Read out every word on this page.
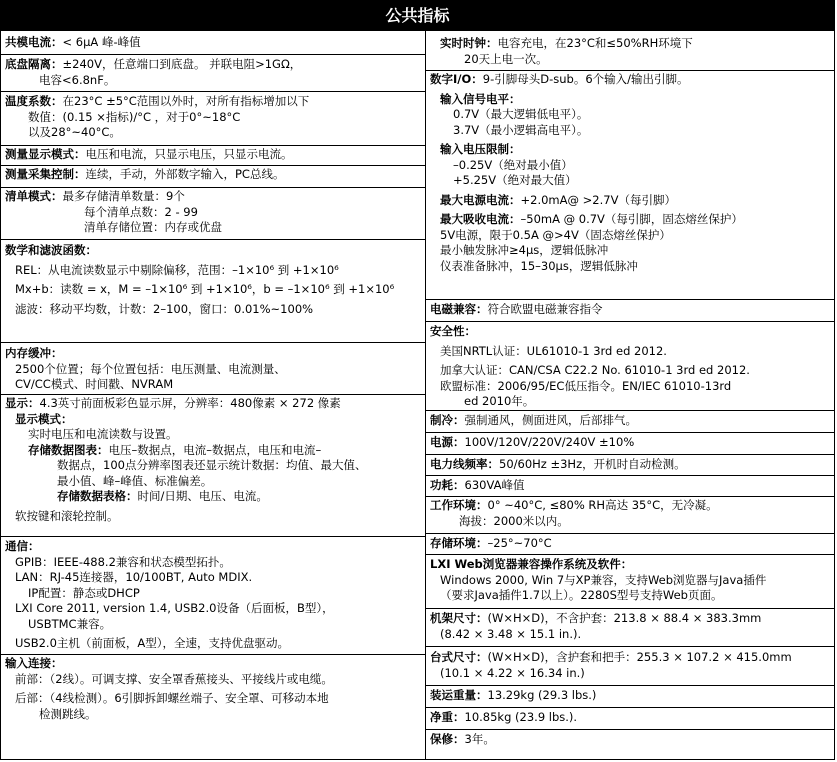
公共指标
共模电流：< 6μA 峰-峰值
底盘隔离：±240V，任意端口到底盘。 并联电阻>1GΩ，
电容<6.8nF。
温度系数：在23°C ±5°C范围以外时，对所有指标增加以下
数值：(0.15 ×指标)/°C ，对于0°~18°C
以及28°~40°C。
测量显示模式：电压和电流，只显示电压，只显示电流。
测量采集控制：连续，手动，外部数字输入，PC总线。
清单模式：最多存储清单数量：9个
每个清单点数：2 - 99
清单存储位置：内存或优盘
数学和滤波函数：
REL：从电流读数显示中剔除偏移，范围：–1×10⁶ 到 +1×10⁶
Mx+b：读数 = x，M = –1×10⁶ 到 +1×10⁶，b = –1×10⁶ 到 +1×10⁶
滤波：移动平均数，计数：2–100，窗口：0.01%~100%
内存缓冲：
2500个位置；每个位置包括：电压测量、电流测量、
CV/CC模式、时间戳、NVRAM
显示：4.3英寸前面板彩色显示屏，分辨率：480像素 × 272 像素
显示模式：
实时电压和电流读数与设置。
存储数据图表：电压–数据点，电流–数据点，电压和电流–
数据点，100点分辨率图表还显示统计数据：均值、最大值、
最小值、峰–峰值、标准偏差。
存储数据表格：时间/日期、电压、电流。
软按键和滚轮控制。
通信：
GPIB：IEEE-488.2兼容和状态模型拓扑。
LAN：RJ-45连接器，10/100BT, Auto MDIX.
IP配置：静态或DHCP
LXI Core 2011, version 1.4, USB2.0设备（后面板，B型），
USBTMC兼容。
USB2.0主机（前面板，A型），全速，支持优盘驱动。
输入连接：
前部：（2线）。可调支撑、安全罩香蕉接头、平接线片或电缆。
后部：（4线检测）。6引脚拆卸螺丝端子、安全罩、可移动本地
检测跳线。
实时时钟：电容充电，在23°C和≤50%RH环境下
20天上电一次。
数字I/O：9-引脚母头D-sub。6个输入/输出引脚。
输入信号电平：
0.7V（最大逻辑低电平）。
3.7V（最小逻辑高电平）。
输入电压限制：
–0.25V（绝对最小值）
+5.25V（绝对最大值）
最大电源电流：+2.0mA@ >2.7V（每引脚）
最大吸收电流：–50mA @ 0.7V（每引脚，固态熔丝保护）
5V电源，限于0.5A @>4V（固态熔丝保护）
最小触发脉冲≥4μs，逻辑低脉冲
仪表准备脉冲，15–30μs，逻辑低脉冲
电磁兼容：符合欧盟电磁兼容指令
安全性：
美国NRTL认证：UL61010-1 3rd ed 2012.
加拿大认证：CAN/CSA C22.2 No. 61010-1 3rd ed 2012.
欧盟标准：2006/95/EC低压指令。EN/IEC 61010-13rd
ed 2010年。
制冷：强制通风，侧面进风，后部排气。
电源：100V/120V/220V/240V ±10%
电力线频率：50/60Hz ±3Hz，开机时自动检测。
功耗：630VA峰值
工作环境：0° ~40°C, ≤80% RH高达 35°C，无冷凝。
海拔：2000米以内。
存储环境：–25°~70°C
LXI Web浏览器兼容操作系统及软件：
Windows 2000, Win 7与XP兼容，支持Web浏览器与Java插件
（要求Java插件1.7以上）。2280S型号支持Web页面。
机架尺寸：(W×H×D)，不含护套：213.8 × 88.4 × 383.3mm
(8.42 × 3.48 × 15.1 in.).
台式尺寸：(W×H×D)，含护套和把手：255.3 × 107.2 × 415.0mm
(10.1 × 4.22 × 16.34 in.)
装运重量：13.29kg (29.3 lbs.)
净重：10.85kg (23.9 lbs.).
保修：3年。
